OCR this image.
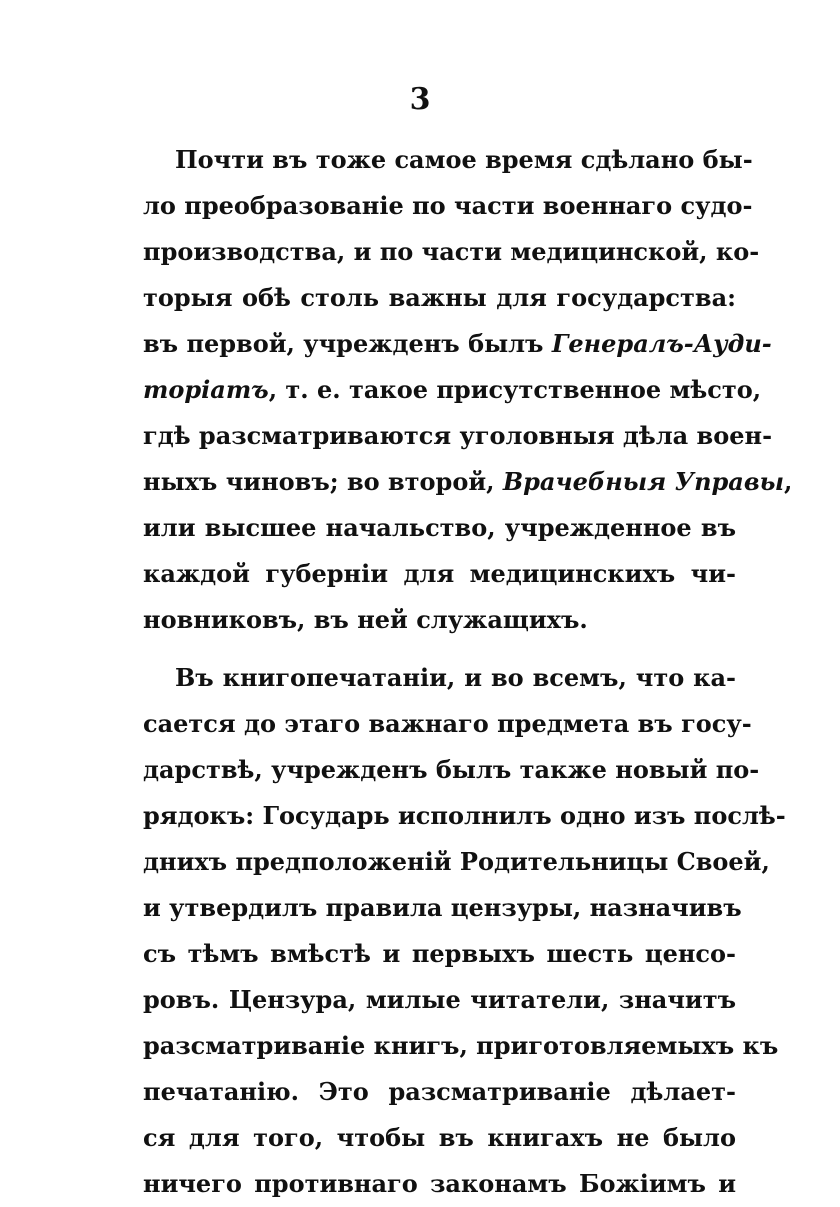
3
Почти въ тоже самое время сдѣлано бы-
ло преобразованіе по части военнаго судо-
производства, и по части медицинской, ко-
торыя обѣ столь важны для государства:
въ первой, учрежденъ былъ Генералъ-Ауди-
торіатъ, т. е. такое присутственное мѣсто,
гдѣ разсматриваются уголовныя дѣла воен-
ныхъ чиновъ; во второй, Врачебныя Управы,
или высшее начальство, учрежденное въ
каждой губерніи для медицинскихъ чи-
новниковъ, въ ней служащихъ.
Въ книгопечатаніи, и во всемъ, что ка-
сается до этаго важнаго предмета въ госу-
дарствѣ, учрежденъ былъ также новый по-
рядокъ: Государь исполнилъ одно изъ послѣ-
днихъ предположеній Родительницы Своей,
и утвердилъ правила цензуры, назначивъ
съ тѣмъ вмѣстѣ и первыхъ шесть ценсо-
ровъ. Цензура, милые читатели, значитъ
разсматриваніе книгъ, приготовляемыхъ къ
печатанію. Это разсматриваніе дѣлает-
ся для того, чтобы въ книгахъ не было
ничего противнаго законамъ Божіимъ и
